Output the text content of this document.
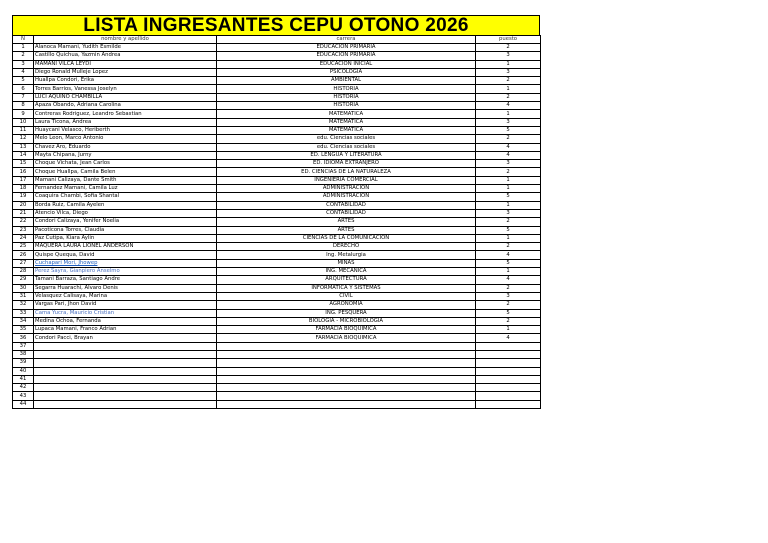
LISTA INGRESANTES CEPU OTONO 2026
N	nombre y apellido	carrera	puesto
1	Alanoca Mamani, Yudith Esmilde	EDUCACION PRIMARIA	2
2	Castillo Quichua, Yazmin Andrea	EDUCACION PRIMARIA	3
3	MAMANI VILCA LEYDI	EDUCACION INICIAL	1
4	Diego Ronald Mulleje Lopez	PSICOLOGIA	3
5	Huallpa Condori, Erika	AMBIENTAL	2
6	Torres Barrios, Vanessa Joselyn	HISTORIA	1
7	LUCI AQUINO CHAMBILLA	HISTORIA	2
8	Apaza Obando, Adriana Carolina	HISTORIA	4
9	Contreras Rodriguez, Leandro Sebastian	MATEMATICA	1
10	Laura Ticona, Andrea	MATEMATICA	3
11	Huaycani Velasco, Heriberth	MATEMATICA	5
12	Melo Leon, Marco Antonio	edu. Ciencias sociales	2
13	Chavez Aro, Eduardo	edu. Ciencias sociales	4
14	Mayta Chipana, Jurny	ED. LENGUA Y LITERATURA	4
15	Choque Vichata, Jean Carlos	ED. IDIOMA EXTRANJERO	3
16	Choque Huallpa, Camila Belen	ED. CIENCIAS DE LA NATURALEZA	2
17	Mamani Calizaya, Dante Smith	INGENIERIA COMERCIAL	1
18	Fernandez Mamani, Camila Luz	ADMINISTRACION	1
19	Coaquira Chambi, Sofia Shantal	ADMINISTRACION	5
20	Borda Ruiz, Camila Ayelen	CONTABILIDAD	1
21	Atencio Vilca, Diego	CONTABILIDAD	3
22	Condori Calizaya, Yenifer Noelia	ARTES	2
23	Pacoticona Torres, Claudia	ARTES	5
24	Paz Cutipa, Kiara Aylin	CIENCIAS DE LA COMUNICACION	1
25	MAQUERA LAURA LIONEL ANDERSON	DERECHO	2
26	Quispe Quequa, David	Ing. Metalurgia	4
27	Cuchapari Mori, Jhowep	MINAS	5
28	Perez Sayra, Gianpiero Anselmo	ING. MECANICA	1
29	Tamani Barraza, Santiago Andre	ARQUITECTURA	4
30	Segarra Huarachi, Alvaro Denis	INFORMATICA Y SISTEMAS	2
31	Velasquez Calisaya, Marina	CIVIL	3
32	Vargas Pari, Jhon David	AGRONOMIA	2
33	Cama Yucra, Mauricio Cristian	ING. PESQUERA	5
34	Medina Ochoa, Fernanda	BIOLOGIA - MICROBIOLOGIA	2
35	Lupaca Mamani, Franco Adrian	FARMACIA BIOQUIMICA	1
36	Condori Pacci, Brayan	FARMACIA BIOQUIMICA	4
37			
38			
39			
40			
41			
42			
43			
44			
